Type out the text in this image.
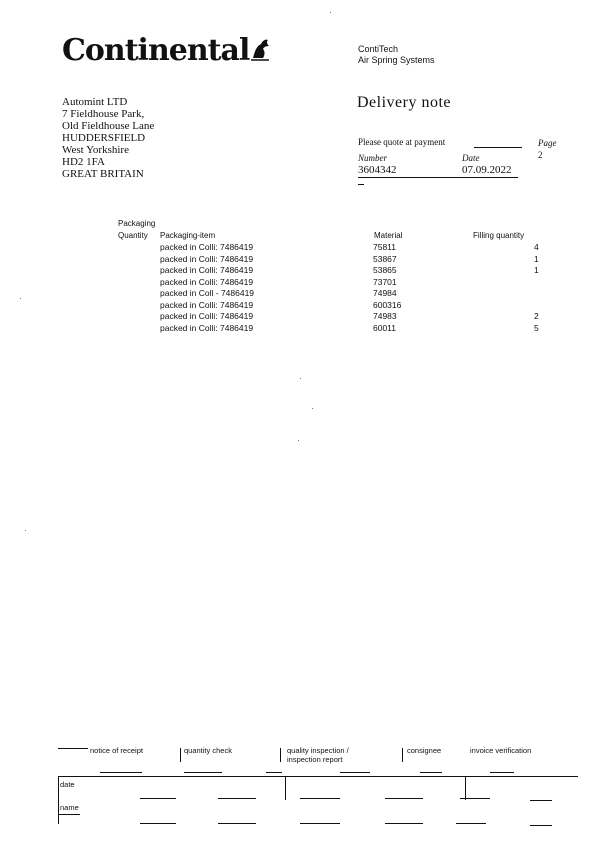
Continental	ContiTech
Air Spring Systems
Automint LTD
7 Fieldhouse Park,
Old Fieldhouse Lane
HUDDERSFIELD
West Yorkshire
HD2 1FA
GREAT BRITAIN
Delivery note
Please quote at payment	Page
2
Number
3604342
Date
07.09.2022
Packaging
Quantity Packaging-item	Material	Filling quantity
packed in Colli: 7486419	75811	4
packed in Colli: 7486419	53867	1
packed in Colli: 7486419	53865	1
packed in Colli: 7486419	73701
packed in Coll - 7486419	74984
packed in Colli: 7486419	600316
packed in Colli: 7486419	74983	2
packed in Colli: 7486419	60011	5
notice of receipt	quantity check	quality inspection /
inspection report
consignee	invoice verification
date
name
